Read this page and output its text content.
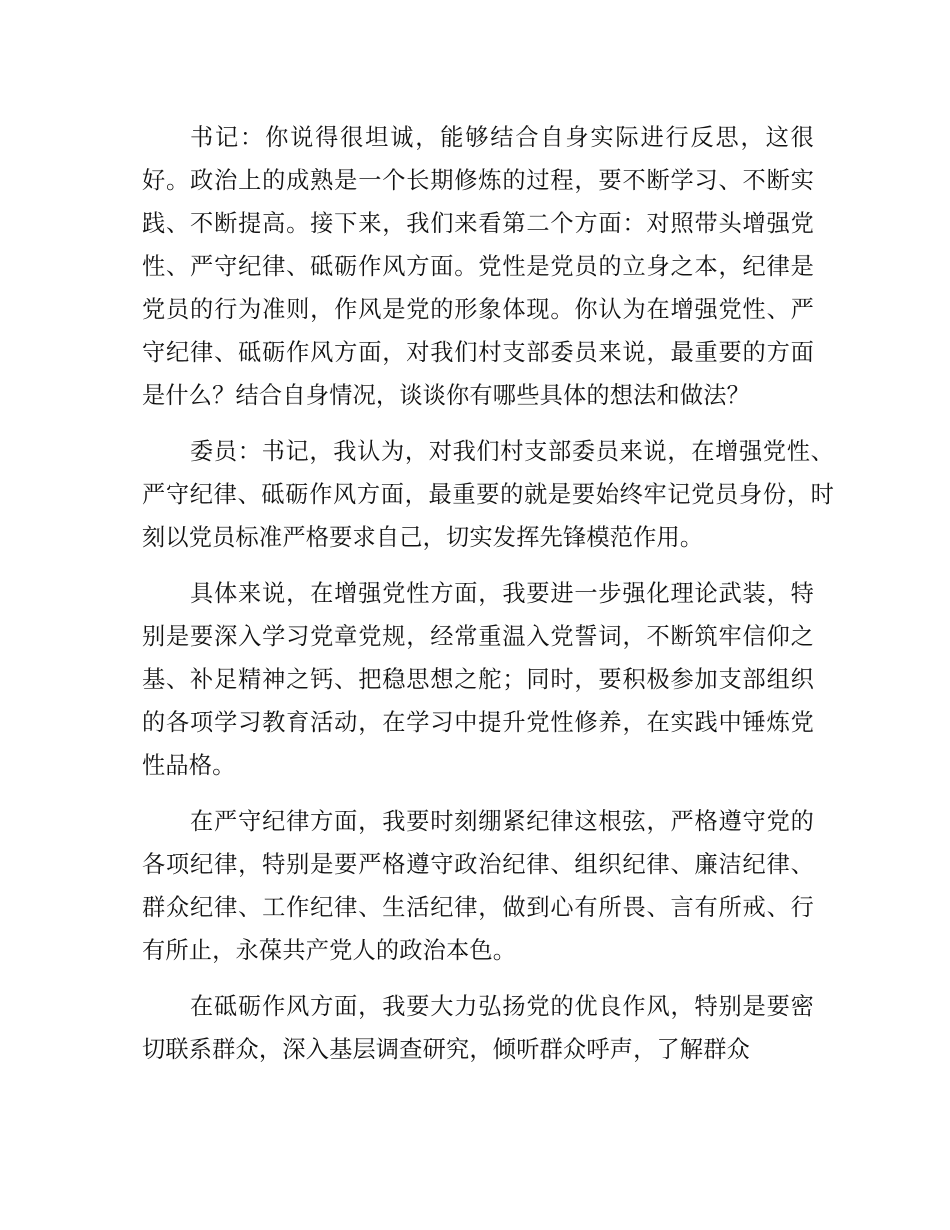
书记：你说得很坦诚，能够结合自身实际进行反思，这很好。政治上的成熟是一个长期修炼的过程，要不断学习、不断实践、不断提高。接下来，我们来看第二个方面：对照带头增强党性、严守纪律、砥砺作风方面。党性是党员的立身之本，纪律是党员的行为准则，作风是党的形象体现。你认为在增强党性、严守纪律、砥砺作风方面，对我们村支部委员来说，最重要的方面是什么？结合自身情况，谈谈你有哪些具体的想法和做法？

委员：书记，我认为，对我们村支部委员来说，在增强党性、严守纪律、砥砺作风方面，最重要的就是要始终牢记党员身份，时刻以党员标准严格要求自己，切实发挥先锋模范作用。

具体来说，在增强党性方面，我要进一步强化理论武装，特别是要深入学习党章党规，经常重温入党誓词，不断筑牢信仰之基、补足精神之钙、把稳思想之舵；同时，要积极参加支部组织的各项学习教育活动，在学习中提升党性修养，在实践中锤炼党性品格。

在严守纪律方面，我要时刻绷紧纪律这根弦，严格遵守党的各项纪律，特别是要严格遵守政治纪律、组织纪律、廉洁纪律、群众纪律、工作纪律、生活纪律，做到心有所畏、言有所戒、行有所止，永葆共产党人的政治本色。

在砥砺作风方面，我要大力弘扬党的优良作风，特别是要密切联系群众，深入基层调查研究，倾听群众呼声，了解群众
